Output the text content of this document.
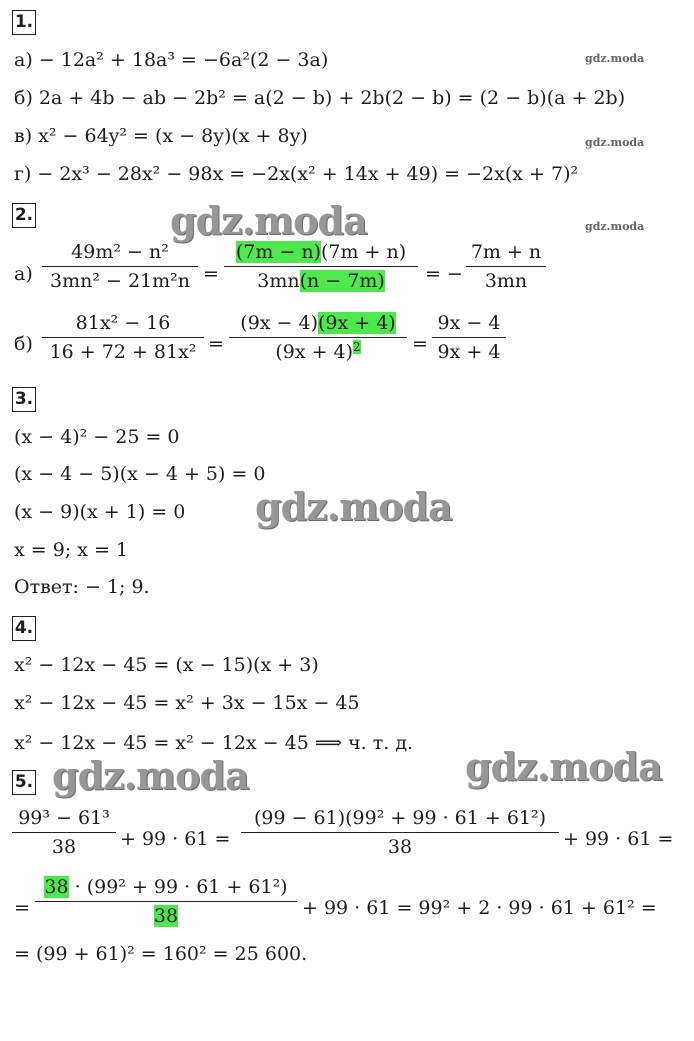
1.
а) − 12a² + 18a³ = −6a²(2 − 3a)
б) 2a + 4b − ab − 2b² = a(2 − b) + 2b(2 − b) = (2 − b)(a + 2b)
в) x² − 64y² = (x − 8y)(x + 8y)
г) − 2x³ − 28x² − 98x = −2x(x² + 14x + 49) = −2x(x + 7)²
2.
а)
49m² − n²
3mn² − 21m²n =
(7m − n)(7m + n)
3mn(n − 7m)	= −
7m + n
3mn
б)
81x² − 16
16 + 72 + 81x² =
(9x − 4)(9x + 4)
$(9x + 4)^2$	=
9x − 4
9x + 4
3.
(x − 4)² − 25 = 0
(x − 4 − 5)(x − 4 + 5) = 0
(x − 9)(x + 1) = 0
x = 9; x = 1
Ответ: − 1; 9.
4.
x² − 12x − 45 = (x − 15)(x + 3)
x² − 12x − 45 = x² + 3x − 15x − 45
x² − 12x − 45 = x² − 12x − 45 ⟹ ч. т. д.
5.
99³ − 61³
38	+ 99 · 61 =
(99 − 61)(99² + 99 · 61 + 61²)
38	+ 99 · 61 =
=
38 · (99² + 99 · 61 + 61²)
38	+ 99 · 61 = 99² + 2 · 99 · 61 + 61² =
= (99 + 61)² = 160² = 25 600.
gdz.moda
gdz.moda
gdz.moda
gdz.moda
gdz.moda
gdz.moda	gdz.moda
